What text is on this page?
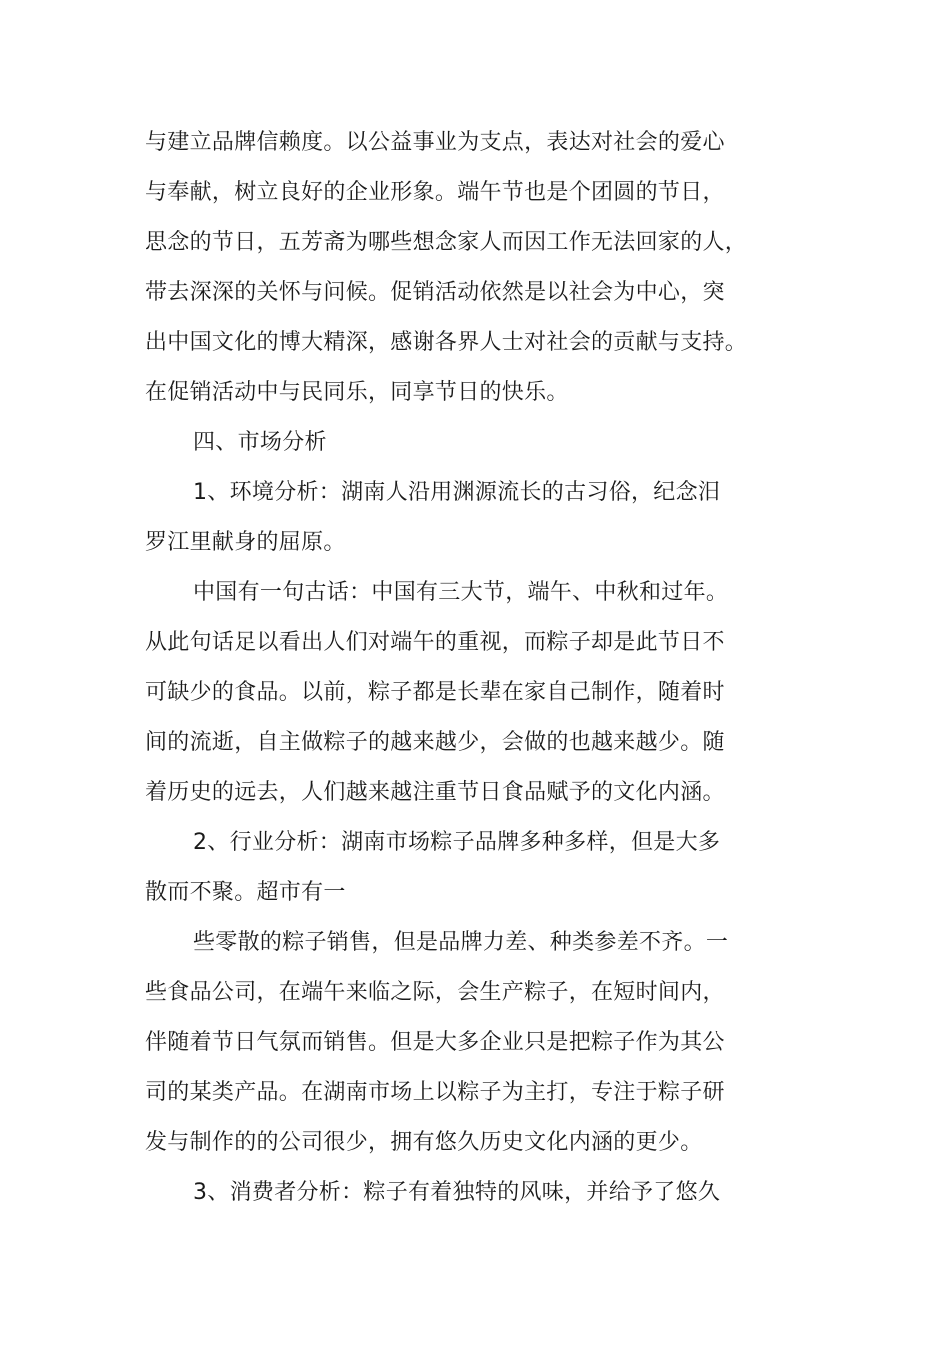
与建立品牌信赖度。以公益事业为支点，表达对社会的爱心
与奉献，树立良好的企业形象。端午节也是个团圆的节日，
思念的节日，五芳斋为哪些想念家人而因工作无法回家的人，
带去深深的关怀与问候。促销活动依然是以社会为中心，突
出中国文化的博大精深，感谢各界人士对社会的贡献与支持。
在促销活动中与民同乐，同享节日的快乐。
四、市场分析
1、环境分析：湖南人沿用渊源流长的古习俗，纪念汨
罗江里献身的屈原。
中国有一句古话：中国有三大节，端午、中秋和过年。
从此句话足以看出人们对端午的重视，而粽子却是此节日不
可缺少的食品。以前，粽子都是长辈在家自己制作，随着时
间的流逝，自主做粽子的越来越少，会做的也越来越少。随
着历史的远去，人们越来越注重节日食品赋予的文化内涵。
2、行业分析：湖南市场粽子品牌多种多样，但是大多
散而不聚。超市有一
些零散的粽子销售，但是品牌力差、种类参差不齐。一
些食品公司，在端午来临之际，会生产粽子，在短时间内，
伴随着节日气氛而销售。但是大多企业只是把粽子作为其公
司的某类产品。在湖南市场上以粽子为主打，专注于粽子研
发与制作的的公司很少，拥有悠久历史文化内涵的更少。
3、消费者分析：粽子有着独特的风味，并给予了悠久
